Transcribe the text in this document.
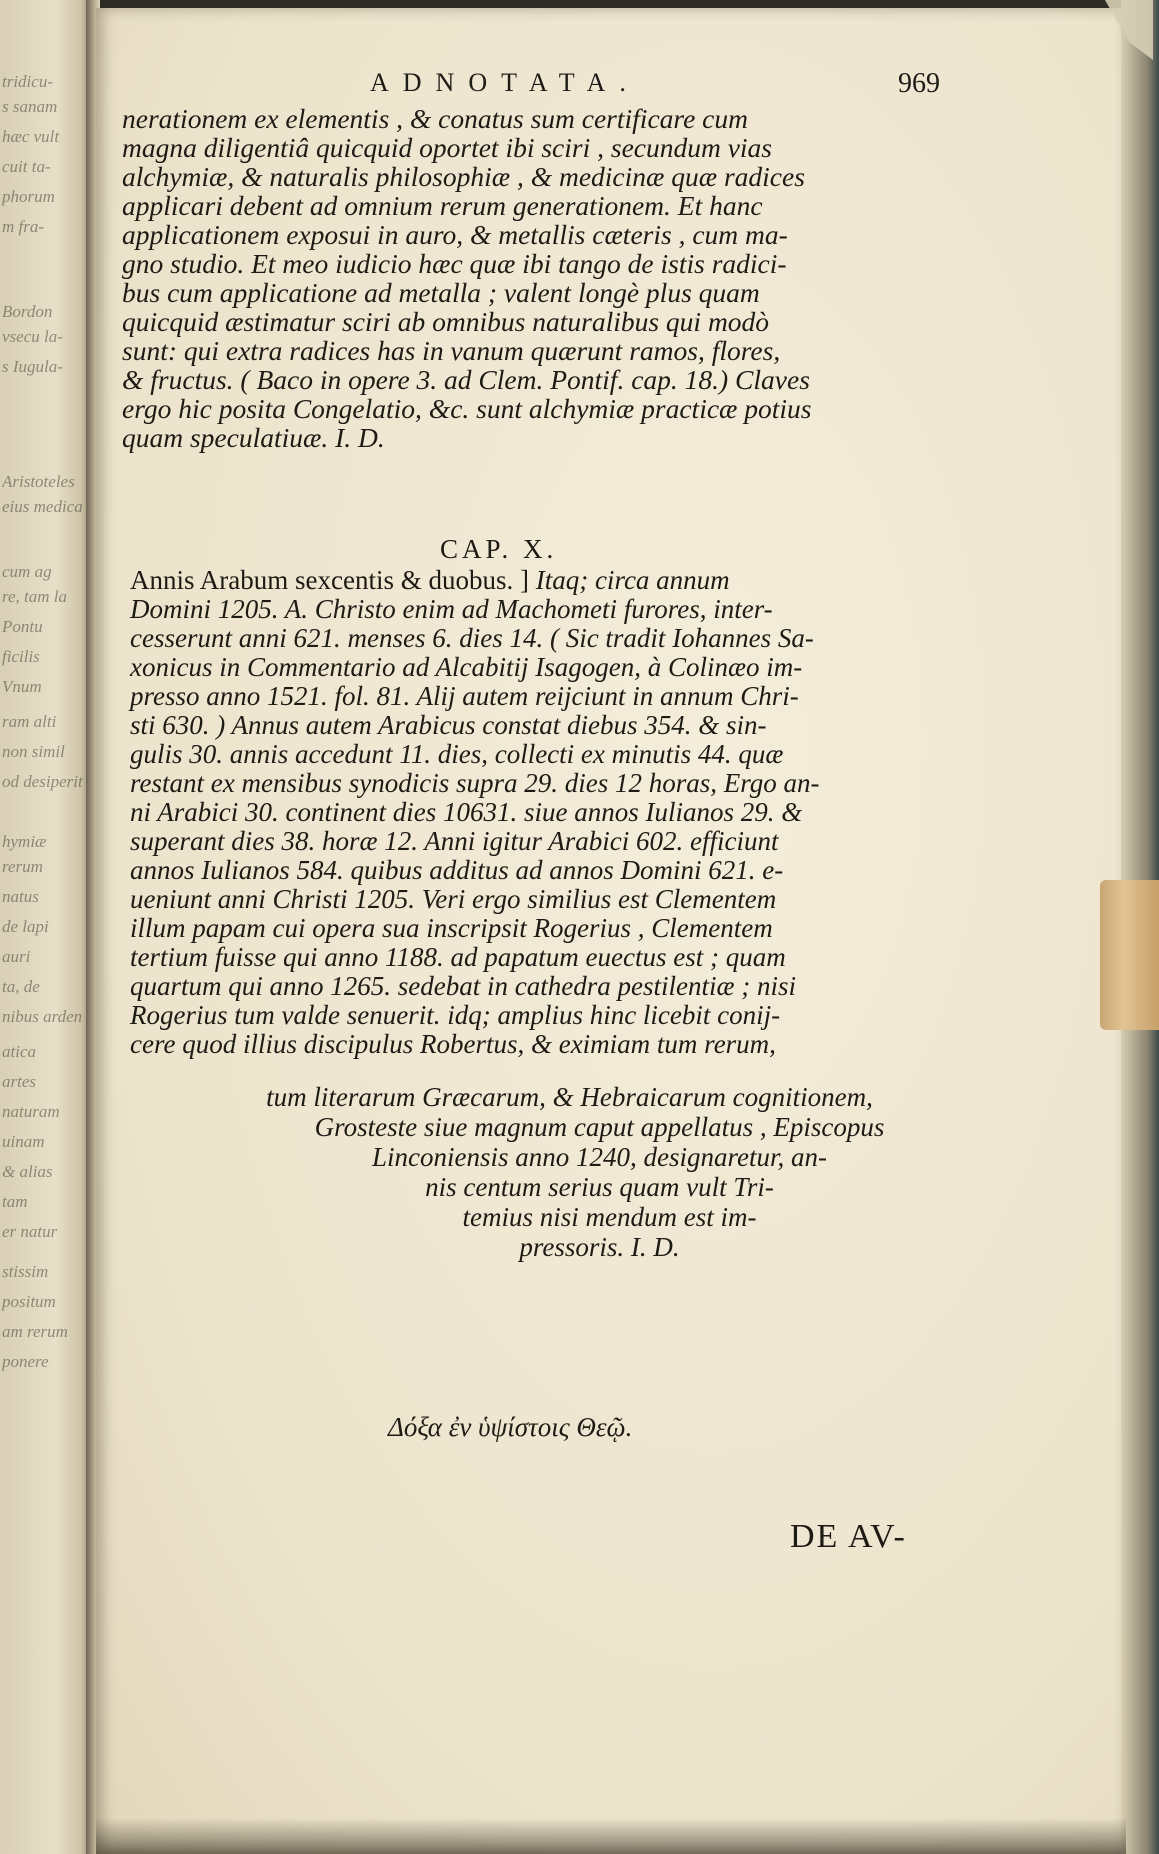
tridicu-
s sanam
hæc vult
cuit ta-
phorum
m fra-
Bordon
vsecu la-
s Iugula-
Aristoteles
eius medica
cum ag
re, tam la
Pontu
ficilis
Vnum
ram alti
non simil
od desiperit
hymiæ
rerum
natus
de lapi
auri
ta, de
nibus arden
atica
artes
naturam
uinam
& alias
tam
er natur
stissim
positum
am rerum
ponere
ADNOTATA.	969
nerationem ex elementis , & conatus sum certificare cum
magna diligentiâ quicquid oportet ibi sciri , secundum vias
alchymiæ, & naturalis philosophiæ , & medicinæ quæ radices
applicari debent ad omnium rerum generationem. Et hanc
applicationem exposui in auro, & metallis cæteris , cum ma-
gno studio. Et meo iudicio hæc quæ ibi tango de istis radici-
bus cum applicatione ad metalla ; valent longè plus quam
quicquid æstimatur sciri ab omnibus naturalibus qui modò
sunt: qui extra radices has in vanum quærunt ramos, flores,
& fructus. ( Baco in opere 3. ad Clem. Pontif. cap. 18.) Claves
ergo hic posita Congelatio, &c. sunt alchymiæ practicæ potius
quam speculatiuæ. I. D.
CAP. X.
Annis Arabum sexcentis & duobus. ] Itaq; circa annum
Domini 1205. A. Christo enim ad Machometi furores, inter-
cesserunt anni 621. menses 6. dies 14. ( Sic tradit Iohannes Sa-
xonicus in Commentario ad Alcabitij Isagogen, à Colinæo im-
presso anno 1521. fol. 81. Alij autem reijciunt in annum Chri-
sti 630. ) Annus autem Arabicus constat diebus 354. & sin-
gulis 30. annis accedunt 11. dies, collecti ex minutis 44. quæ
restant ex mensibus synodicis supra 29. dies 12 horas, Ergo an-
ni Arabici 30. continent dies 10631. siue annos Iulianos 29. &
superant dies 38. horæ 12. Anni igitur Arabici 602. efficiunt
annos Iulianos 584. quibus additus ad annos Domini 621. e-
ueniunt anni Christi 1205. Veri ergo similius est Clementem
illum papam cui opera sua inscripsit Rogerius , Clementem
tertium fuisse qui anno 1188. ad papatum euectus est ; quam
quartum qui anno 1265. sedebat in cathedra pestilentiæ ; nisi
Rogerius tum valde senuerit. idq; amplius hinc licebit conij-
cere quod illius discipulus Robertus, & eximiam tum rerum,
tum literarum Græcarum, & Hebraicarum cognitionem,
Grosteste siue magnum caput appellatus , Episcopus
Linconiensis anno 1240, designaretur, an-
nis centum serius quam vult Tri-
temius nisi mendum est im-
pressoris. I. D.
Δόξα ἐν ὑψίστοις Θεῷ.
DE AV-
